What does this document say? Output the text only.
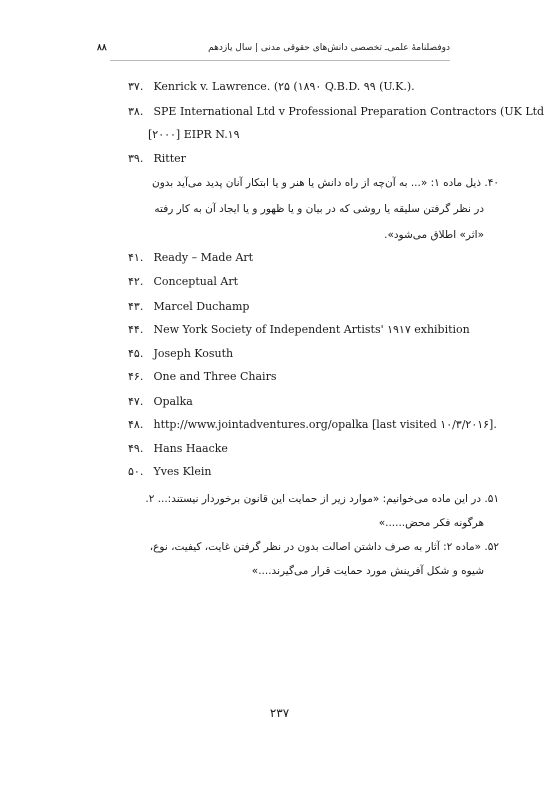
۸۸	دوفصلنامهٔ علمی‌ـ تخصصی دانش‌های حقوقی مدنی | سال یازدهم
۳۷. Kenrick v. Lawrence. (۲۵ (۱۸۹۰ Q.B.D. ۹۹ (U.K.).
۳۸. SPE International Ltd v Professional Preparation Contractors (UK Ltd
[۲۰۰۰] EIPR N.۱۹
۳۹. Ritter
۴۰. ذیل ماده ۱: «... به آن‌چه از راه دانش یا هنر و یا ابتکار آنان پدید می‌آید بدون
در نظر گرفتن سلیقه یا روشی که در بیان و یا ظهور و یا ایجاد آن به کار رفته
«اثر» اطلاق می‌شود».
۴۱. Ready – Made Art
۴۲. Conceptual Art
۴۳. Marcel Duchamp
۴۴. New York Society of Independent Artists' ۱۹۱۷ exhibition
۴۵. Joseph Kosuth
۴۶. One and Three Chairs
۴۷. Opalka
۴۸. http://www.jointadventures.org/opalka [last visited ۱۰/۳/۲۰۱۶].
۴۹. Hans Haacke
۵۰. Yves Klein
۵۱. در این ماده می‌خوانیم: «موارد زیر از حمایت این قانون برخوردار نیستند:... ۲.
هرگونه فکر محض......»
۵۲. «ماده ۲: آثار به صرف داشتن اصالت بدون در نظر گرفتن غایت، کیفیت، نوع،
شیوه و شکل آفرینش مورد حمایت قرار می‌گیرند....»
۲۳۷
